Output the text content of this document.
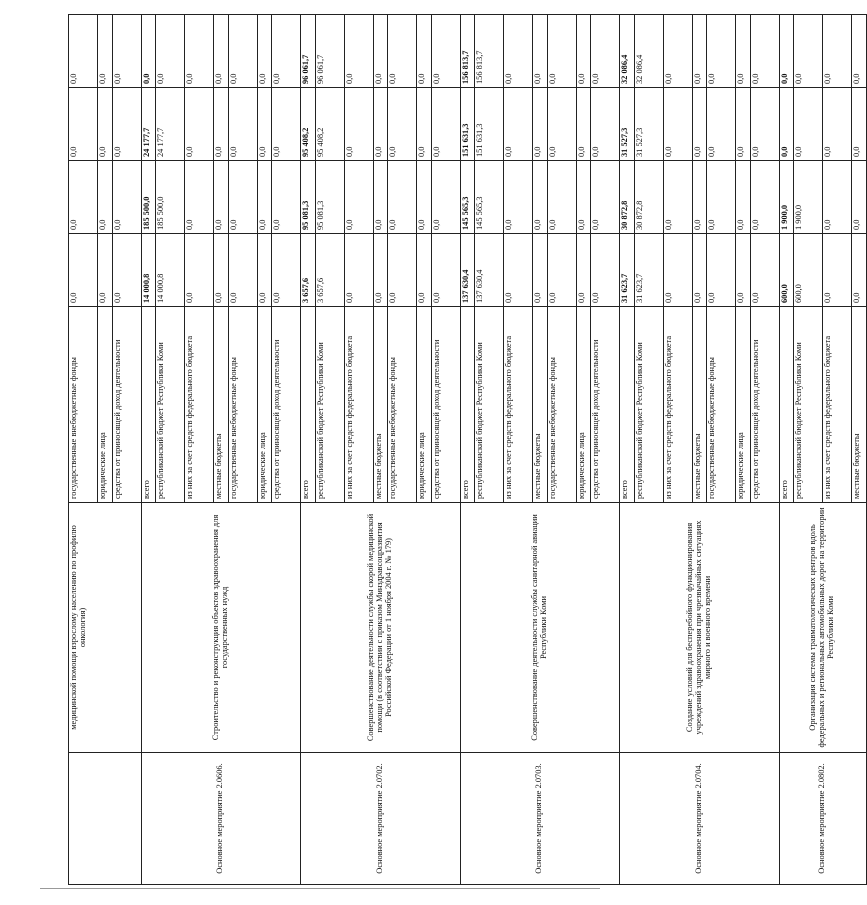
	медицинской помощи взрослому населению по профилю онкология)	государственные внебюджетные фонды	0,0	0,0	0,0	0,0
		юридические лица	0,0	0,0	0,0	0,0
		средства от приносящей доход деятельности	0,0	0,0	0,0	0,0
Основное мероприятие 2.0606.	Строительство и реконструкция объектов здравоохранения для государственных нужд	всего	14 000,8	185 500,0	24 177,7	0,0
		республиканский бюджет Республики Коми	14 000,8	185 500,0	24 177,7	0,0
		из них за счет средств федерального бюджета	0,0	0,0	0,0	0,0
		местные бюджеты	0,0	0,0	0,0	0,0
		государственные внебюджетные фонды	0,0	0,0	0,0	0,0
		юридические лица	0,0	0,0	0,0	0,0
		средства от приносящей доход деятельности	0,0	0,0	0,0	0,0
Основное мероприятие 2.0702.	Совершенствование деятельности службы скорой медицинской помощи (в соответствии с приказом Минздравсоцразвития Российской Федерации от 1 ноября 2004 г. № 179)	всего	3 657,6	95 081,3	95 408,2	96 061,7
		республиканский бюджет Республики Коми	3 657,6	95 081,3	95 408,2	96 061,7
		из них за счет средств федерального бюджета	0,0	0,0	0,0	0,0
		местные бюджеты	0,0	0,0	0,0	0,0
		государственные внебюджетные фонды	0,0	0,0	0,0	0,0
		юридические лица	0,0	0,0	0,0	0,0
		средства от приносящей доход деятельности	0,0	0,0	0,0	0,0
Основное мероприятие 2.0703.	Совершенствование деятельности службы санитарной авиации Республики Коми	всего	137 630,4	145 565,3	151 631,3	156 813,7
		республиканский бюджет Республики Коми	137 630,4	145 565,3	151 631,3	156 813,7
		из них за счет средств федерального бюджета	0,0	0,0	0,0	0,0
		местные бюджеты	0,0	0,0	0,0	0,0
		государственные внебюджетные фонды	0,0	0,0	0,0	0,0
		юридические лица	0,0	0,0	0,0	0,0
		средства от приносящей доход деятельности	0,0	0,0	0,0	0,0
Основное мероприятие 2.0704.	Создание условий для бесперебойного функционирования учреждений здравоохранения при чрезвычайных ситуациях мирного и военного времени	всего	31 623,7	30 872,8	31 527,3	32 086,4
		республиканский бюджет Республики Коми	31 623,7	30 872,8	31 527,3	32 086,4
		из них за счет средств федерального бюджета	0,0	0,0	0,0	0,0
		местные бюджеты	0,0	0,0	0,0	0,0
		государственные внебюджетные фонды	0,0	0,0	0,0	0,0
		юридические лица	0,0	0,0	0,0	0,0
		средства от приносящей доход деятельности	0,0	0,0	0,0	0,0
Основное мероприятие 2.0802.	Организация системы травматологических центров вдоль федеральных и региональных автомобильных дорог на территории Республики Коми	всего	600,0	1 900,0	0,0	0,0
		республиканский бюджет Республики Коми	600,0	1 900,0	0,0	0,0
		из них за счет средств федерального бюджета	0,0	0,0	0,0	0,0
		местные бюджеты	0,0	0,0	0,0	0,0
